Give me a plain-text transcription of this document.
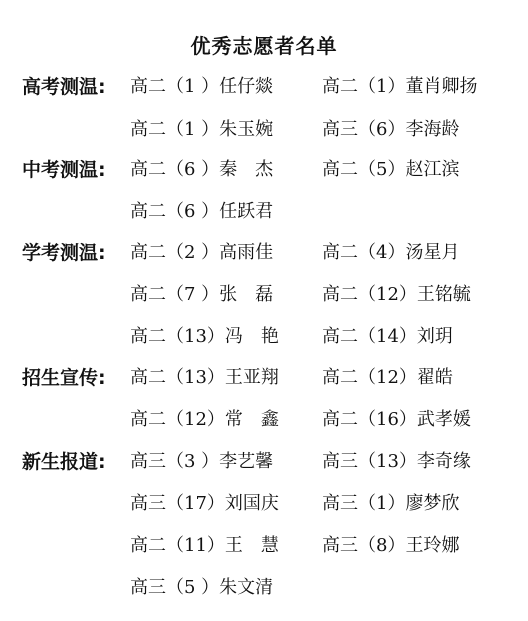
优秀志愿者名单
高考测温: 高二（1 ）任仔燚	高二（1）董肖卿扬
高二（1 ）朱玉婉	高三（6）李海龄
中考测温: 高二（6 ）秦　杰	高二（5）赵江滨
高二（6 ）任跃君
学考测温: 高二（2 ）高雨佳	高二（4）汤星月
高二（7 ）张　磊	高二（12）王铭毓
高二（13）冯　艳 高二（14）刘玥
招生宣传: 高二（13）王亚翔 高二（12）翟皓
高二（12）常　鑫 高二（16）武孝媛
新生报道: 高三（3 ）李艺馨	高三（13）李奇缘
高三（17）刘国庆 高三（1）廖梦欣
高二（11）王　慧 高三（8）王玲娜
高三（5 ）朱文清
